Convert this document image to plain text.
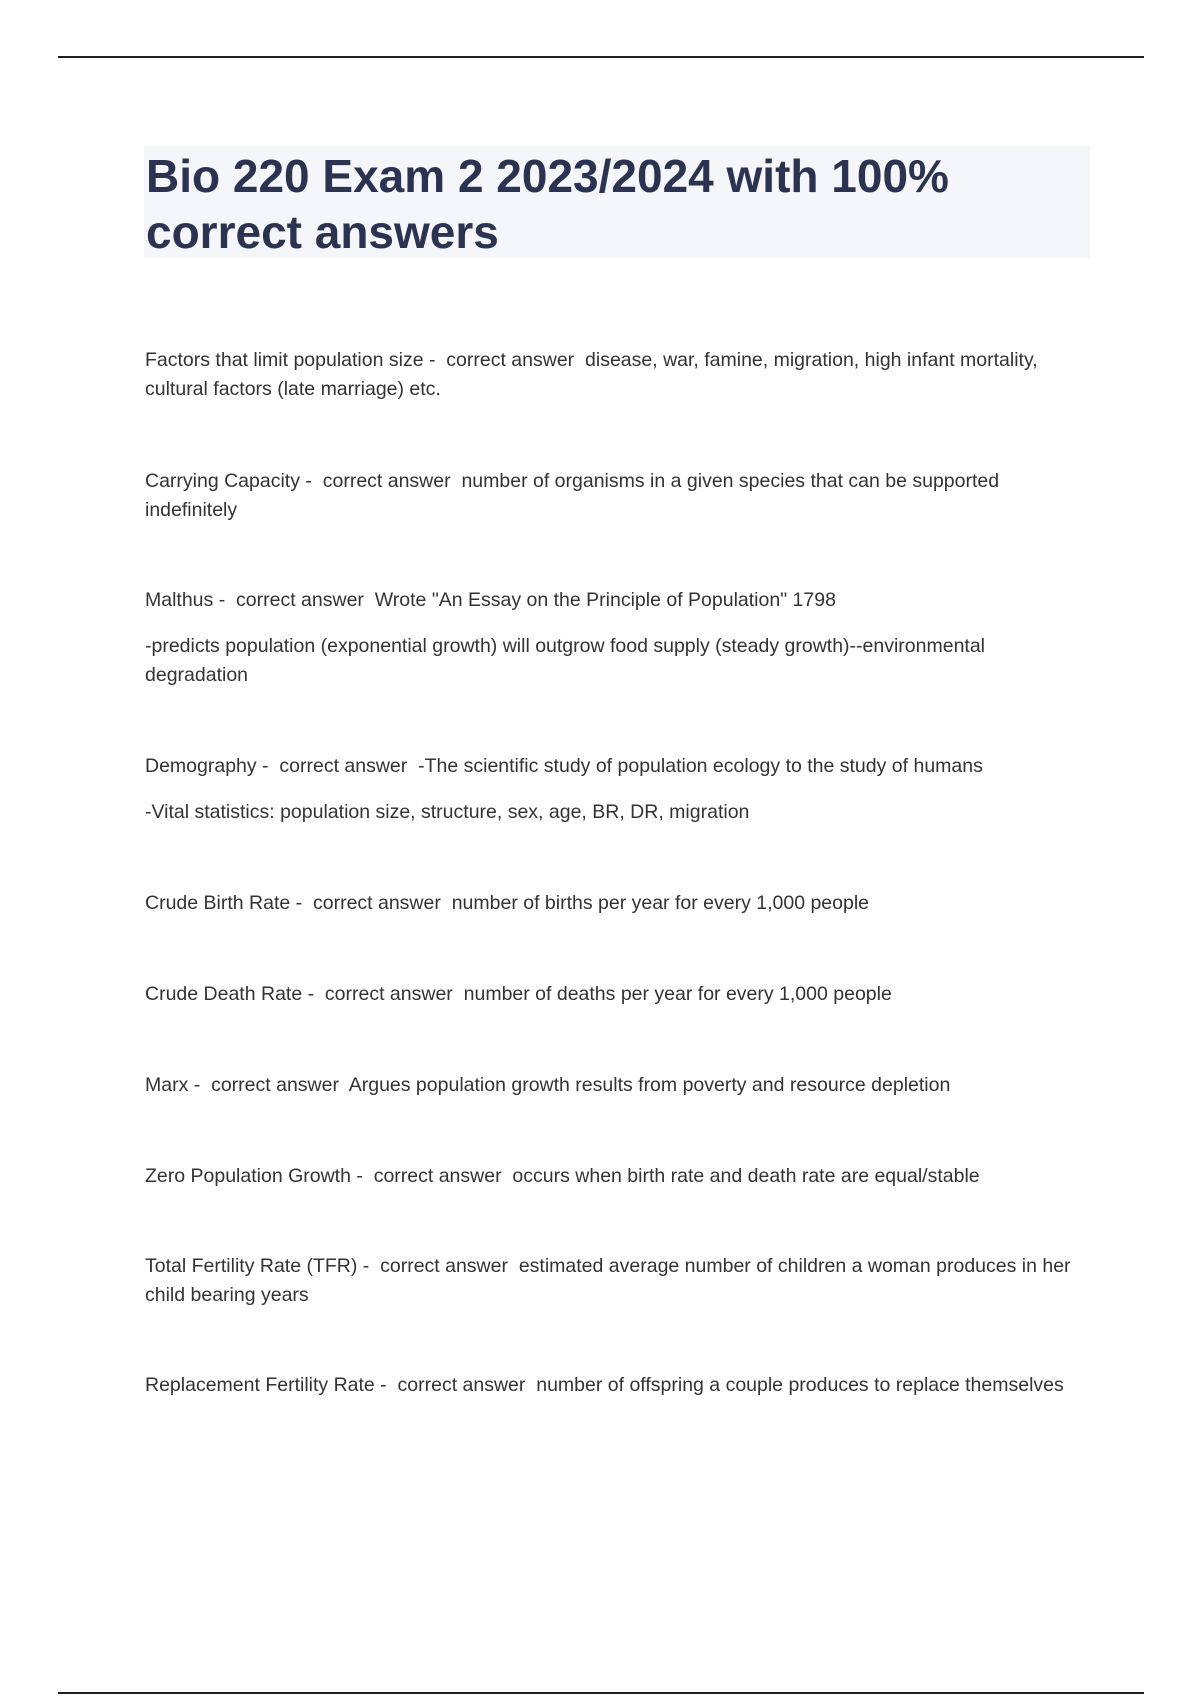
Bio 220 Exam 2 2023/2024 with 100% correct answers

Factors that limit population size -  correct answer  disease, war, famine, migration, high infant mortality, cultural factors (late marriage) etc.

Carrying Capacity -  correct answer  number of organisms in a given species that can be supported indefinitely

Malthus -  correct answer  Wrote "An Essay on the Principle of Population" 1798

-predicts population (exponential growth) will outgrow food supply (steady growth)--environmental degradation

Demography -  correct answer  -The scientific study of population ecology to the study of humans

-Vital statistics: population size, structure, sex, age, BR, DR, migration

Crude Birth Rate -  correct answer  number of births per year for every 1,000 people

Crude Death Rate -  correct answer  number of deaths per year for every 1,000 people

Marx -  correct answer  Argues population growth results from poverty and resource depletion

Zero Population Growth -  correct answer  occurs when birth rate and death rate are equal/stable

Total Fertility Rate (TFR) -  correct answer  estimated average number of children a woman produces in her child bearing years

Replacement Fertility Rate -  correct answer  number of offspring a couple produces to replace themselves
